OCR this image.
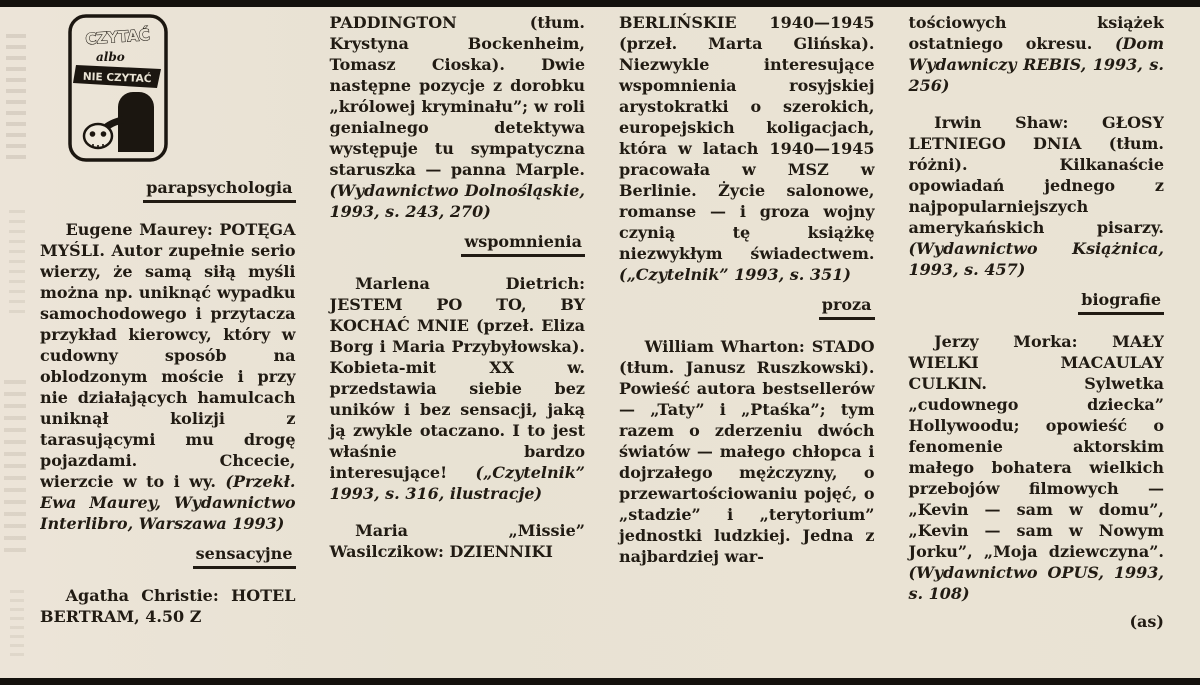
CZYTAĆ
albo
NIE CZYTAĆ
parapsychologia

Eugene Maurey: POTĘGA MYŚLI. Autor zupełnie serio wierzy, że samą siłą myśli można np. uniknąć wypadku samochodowego i przytacza przykład kierowcy, który w cudowny sposób na oblodzonym moście i przy nie działających hamulcach uniknął kolizji z tarasującymi mu drogę pojazdami. Chcecie, wierzcie w to i wy. (Przekł. Ewa Maurey, Wydawnictwo Interlibro, Warszawa 1993)

sensacyjne

Agatha Christie: HOTEL BERTRAM, 4.50 Z

PADDINGTON (tłum. Krystyna Bockenheim, Tomasz Cioska). Dwie następne pozycje z dorobku „królowej kryminału”; w roli genialnego detektywa występuje tu sympatyczna staruszka — panna Marple. (Wydawnictwo Dolnośląskie, 1993, s. 243, 270)

wspomnienia

Marlena Dietrich: JESTEM PO TO, BY KOCHAĆ MNIE (przeł. Eliza Borg i Maria Przybyłowska). Kobieta-mit XX w. przedstawia siebie bez uników i bez sensacji, jaką ją zwykle otaczano. I to jest właśnie bardzo interesujące! („Czytelnik” 1993, s. 316, ilustracje)

Maria „Missie” Wasilczikow: DZIENNIKI

BERLIŃSKIE 1940—1945 (przeł. Marta Glińska). Niezwykle interesujące wspomnienia rosyjskiej arystokratki o szerokich, europejskich koligacjach, która w latach 1940—1945 pracowała w MSZ w Berlinie. Życie salonowe, romanse — i groza wojny czynią tę książkę niezwykłym świadectwem. („Czytelnik” 1993, s. 351)

proza

William Wharton: STADO (tłum. Janusz Ruszkowski). Powieść autora bestsellerów — „Taty” i „Ptaśka”; tym razem o zderzeniu dwóch światów — małego chłopca i dojrzałego mężczyzny, o przewartościowaniu pojęć, o „stadzie” i „terytorium” jednostki ludzkiej. Jedna z najbardziej war-

tościowych książek ostatniego okresu. (Dom Wydawniczy REBIS, 1993, s. 256)

Irwin Shaw: GŁOSY LETNIEGO DNIA (tłum. różni). Kilkanaście opowiadań jednego z najpopularniejszych amerykańskich pisarzy. (Wydawnictwo Książnica, 1993, s. 457)

biografie

Jerzy Morka: MAŁY WIELKI MACAULAY CULKIN. Sylwetka „cudownego dziecka” Hollywoodu; opowieść o fenomenie aktorskim małego bohatera wielkich przebojów filmowych — „Kevin — sam w domu”, „Kevin — sam w Nowym Jorku”, „Moja dziewczyna”. (Wydawnictwo OPUS, 1993, s. 108)

(as)
